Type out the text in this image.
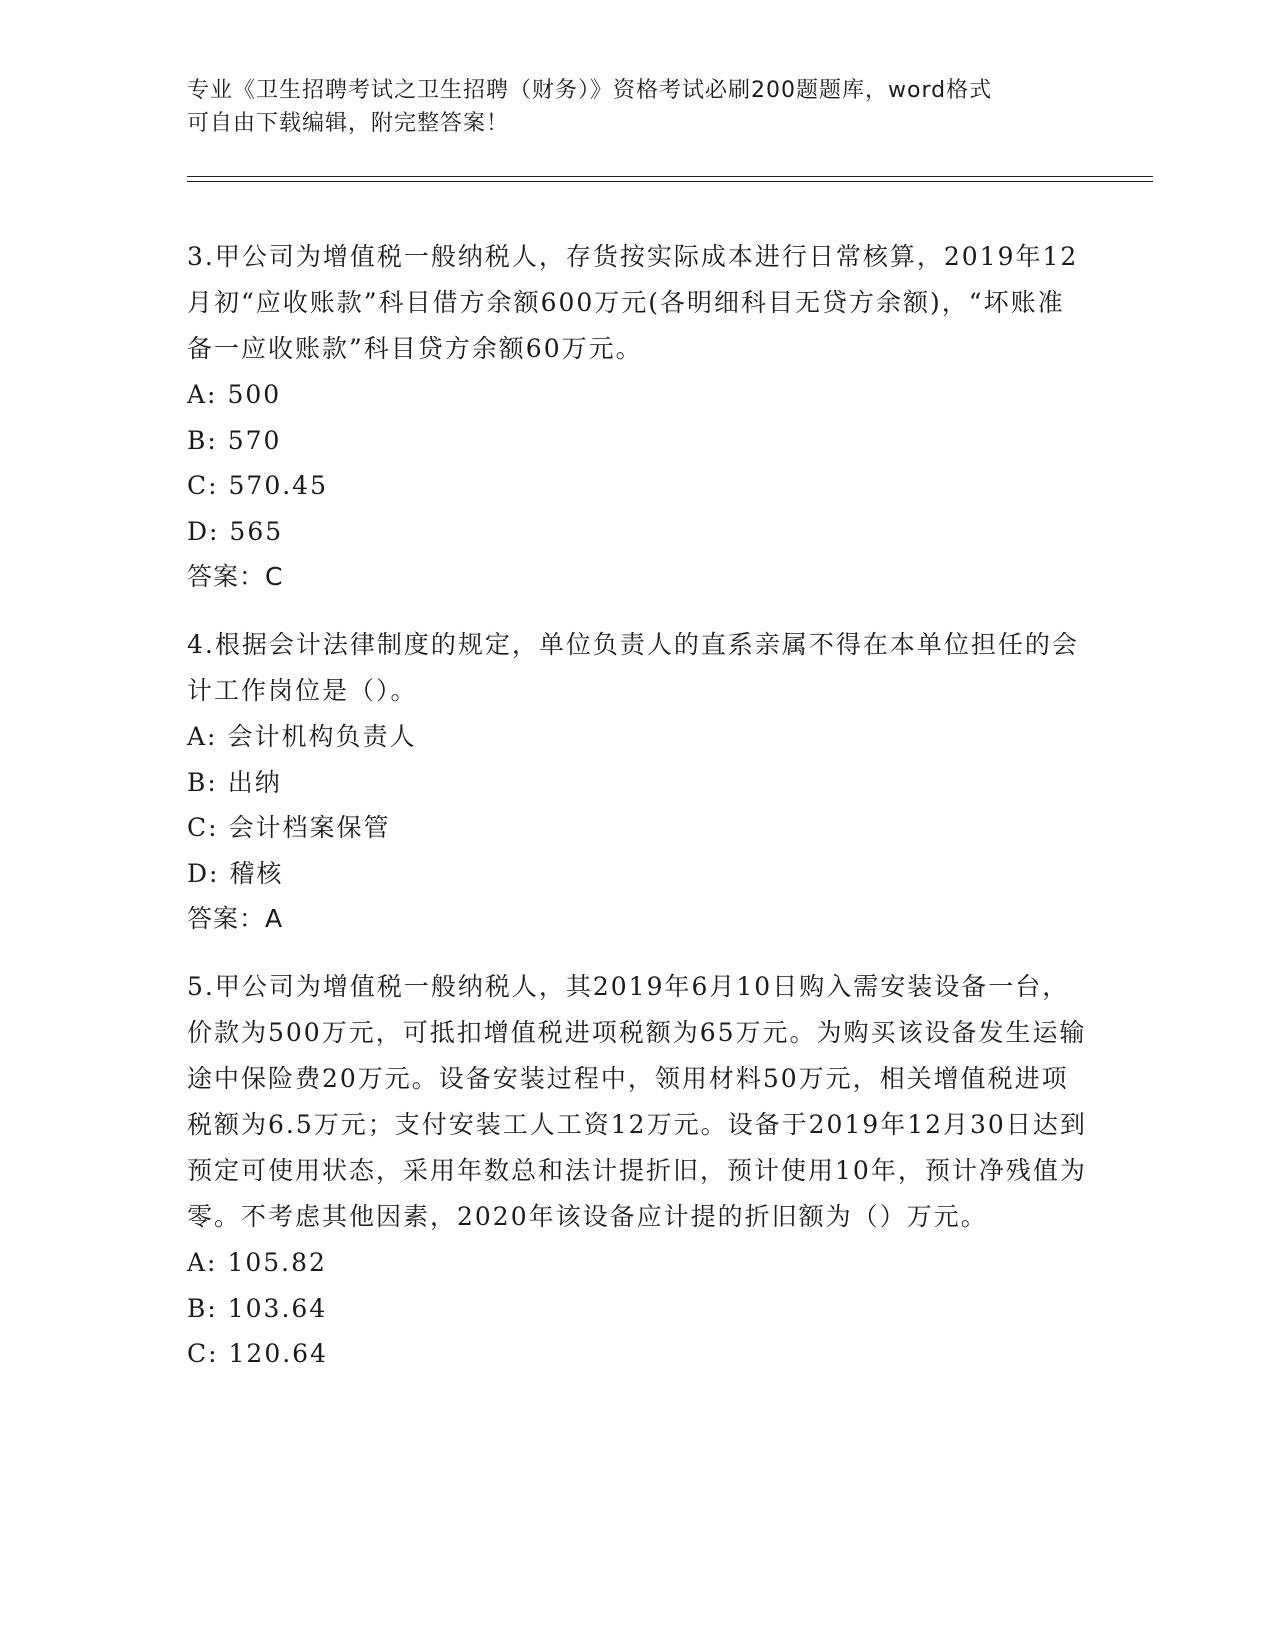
专业《卫生招聘考试之卫生招聘（财务）》资格考试必刷200题题库，word格式
可自由下载编辑，附完整答案！
3.甲公司为增值税一般纳税人，存货按实际成本进行日常核算，2019年12月初“应收账款”科目借方余额600万元(各明细科目无贷方余额)，“坏账准备一应收账款”科目贷方余额60万元。
A: 500
B: 570
C: 570.45
D: 565
答案：C
4.根据会计法律制度的规定，单位负责人的直系亲属不得在本单位担任的会计工作岗位是（）。
A: 会计机构负责人
B: 出纳
C: 会计档案保管
D: 稽核
答案：A
5.甲公司为增值税一般纳税人，其2019年6月10日购入需安装设备一台，价款为500万元，可抵扣增值税进项税额为65万元。为购买该设备发生运输途中保险费20万元。设备安装过程中，领用材料50万元，相关增值税进项税额为6.5万元；支付安装工人工资12万元。设备于2019年12月30日达到预定可使用状态，采用年数总和法计提折旧，预计使用10年，预计净残值为零。不考虑其他因素，2020年该设备应计提的折旧额为（）万元。
A: 105.82
B: 103.64
C: 120.64
